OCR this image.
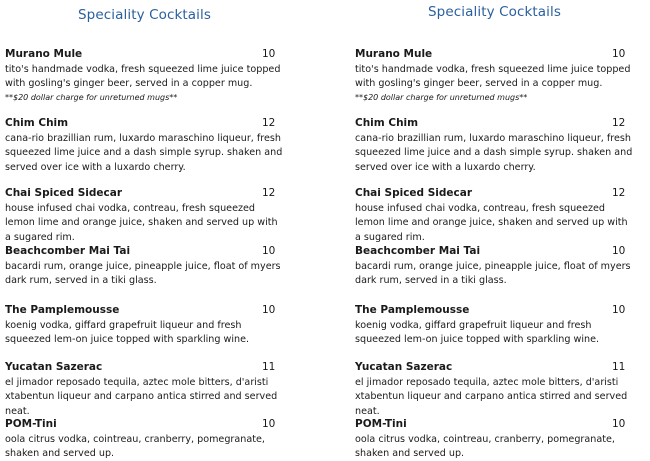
Speciality Cocktails
Murano Mule	10
tito's handmade vodka, fresh squeezed lime juice topped with gosling's ginger beer, served in a copper mug.
**$20 dollar charge for unreturned mugs**
Chim Chim	12
cana-rio brazillian rum, luxardo maraschino liqueur, fresh squeezed lime juice and a dash simple syrup. shaken and served over ice with a luxardo cherry.
Chai Spiced Sidecar	12
house infused chai vodka, contreau, fresh squeezed lemon lime and orange juice, shaken and served up with a sugared rim.
Beachcomber Mai Tai	10
bacardi rum, orange juice, pineapple juice, float of myers dark rum, served in a tiki glass.
The Pamplemousse	10
koenig vodka, giffard grapefruit liqueur and fresh squeezed lem-on juice topped with sparkling wine.
Yucatan Sazerac	11
el jimador reposado tequila, aztec mole bitters, d'aristi xtabentun liqueur and carpano antica stirred and served neat.
POM-Tini	10
oola citrus vodka, cointreau, cranberry, pomegranate, shaken and served up.
Speciality Cocktails
Murano Mule	10
tito's handmade vodka, fresh squeezed lime juice topped with gosling's ginger beer, served in a copper mug.
**$20 dollar charge for unreturned mugs**
Chim Chim	12
cana-rio brazillian rum, luxardo maraschino liqueur, fresh squeezed lime juice and a dash simple syrup. shaken and served over ice with a luxardo cherry.
Chai Spiced Sidecar	12
house infused chai vodka, contreau, fresh squeezed lemon lime and orange juice, shaken and served up with a sugared rim.
Beachcomber Mai Tai	10
bacardi rum, orange juice, pineapple juice, float of myers dark rum, served in a tiki glass.
The Pamplemousse	10
koenig vodka, giffard grapefruit liqueur and fresh squeezed lem-on juice topped with sparkling wine.
Yucatan Sazerac	11
el jimador reposado tequila, aztec mole bitters, d'aristi xtabentun liqueur and carpano antica stirred and served neat.
POM-Tini	10
oola citrus vodka, cointreau, cranberry, pomegranate, shaken and served up.
